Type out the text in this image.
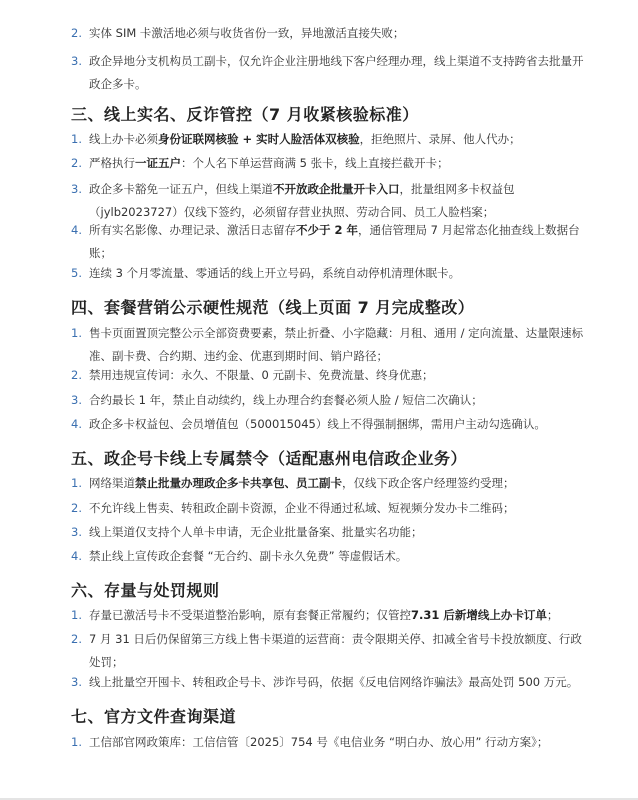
2. 实体 SIM 卡激活地必须与收货省份一致，异地激活直接失败；
3. 政企异地分支机构员工副卡，仅允许企业注册地线下客户经理办理，线上渠道不支持跨省去批量开政企多卡。
三、线上实名、反诈管控（7 月收紧核验标准）
1. 线上办卡必须身份证联网核验 + 实时人脸活体双核验，拒绝照片、录屏、他人代办；
2. 严格执行一证五户：个人名下单运营商满 5 张卡，线上直接拦截开卡；
3. 政企多卡豁免一证五户，但线上渠道不开放政企批量开卡入口，批量组网多卡权益包（jylb2023727）仅线下签约，必须留存营业执照、劳动合同、员工人脸档案；
4. 所有实名影像、办理记录、激活日志留存不少于 2 年，通信管理局 7 月起常态化抽查线上数据台账；
5. 连续 3 个月零流量、零通话的线上开立号码，系统自动停机清理休眠卡。
四、套餐营销公示硬性规范（线上页面 7 月完成整改）
1. 售卡页面置顶完整公示全部资费要素，禁止折叠、小字隐藏：月租、通用 / 定向流量、达量限速标准、副卡费、合约期、违约金、优惠到期时间、销户路径；
2. 禁用违规宣传词：永久、不限量、0 元副卡、免费流量、终身优惠；
3. 合约最长 1 年，禁止自动续约，线上办理合约套餐必须人脸 / 短信二次确认；
4. 政企多卡权益包、会员增值包（500015045）线上不得强制捆绑，需用户主动勾选确认。
五、政企号卡线上专属禁令（适配惠州电信政企业务）
1. 网络渠道禁止批量办理政企多卡共享包、员工副卡，仅线下政企客户经理签约受理；
2. 不允许线上售卖、转租政企副卡资源，企业不得通过私域、短视频分发办卡二维码；
3. 线上渠道仅支持个人单卡申请，无企业批量备案、批量实名功能；
4. 禁止线上宣传政企套餐 “无合约、副卡永久免费” 等虚假话术。
六、存量与处罚规则
1. 存量已激活号卡不受渠道整治影响，原有套餐正常履约；仅管控7.31 后新增线上办卡订单；
2. 7 月 31 日后仍保留第三方线上售卡渠道的运营商：责令限期关停、扣减全省号卡投放额度、行政处罚；
3. 线上批量空开囤卡、转租政企号卡、涉诈号码，依据《反电信网络诈骗法》最高处罚 500 万元。
七、官方文件查询渠道
1. 工信部官网政策库：工信信管〔2025〕754 号《电信业务 “明白办、放心用” 行动方案》；
